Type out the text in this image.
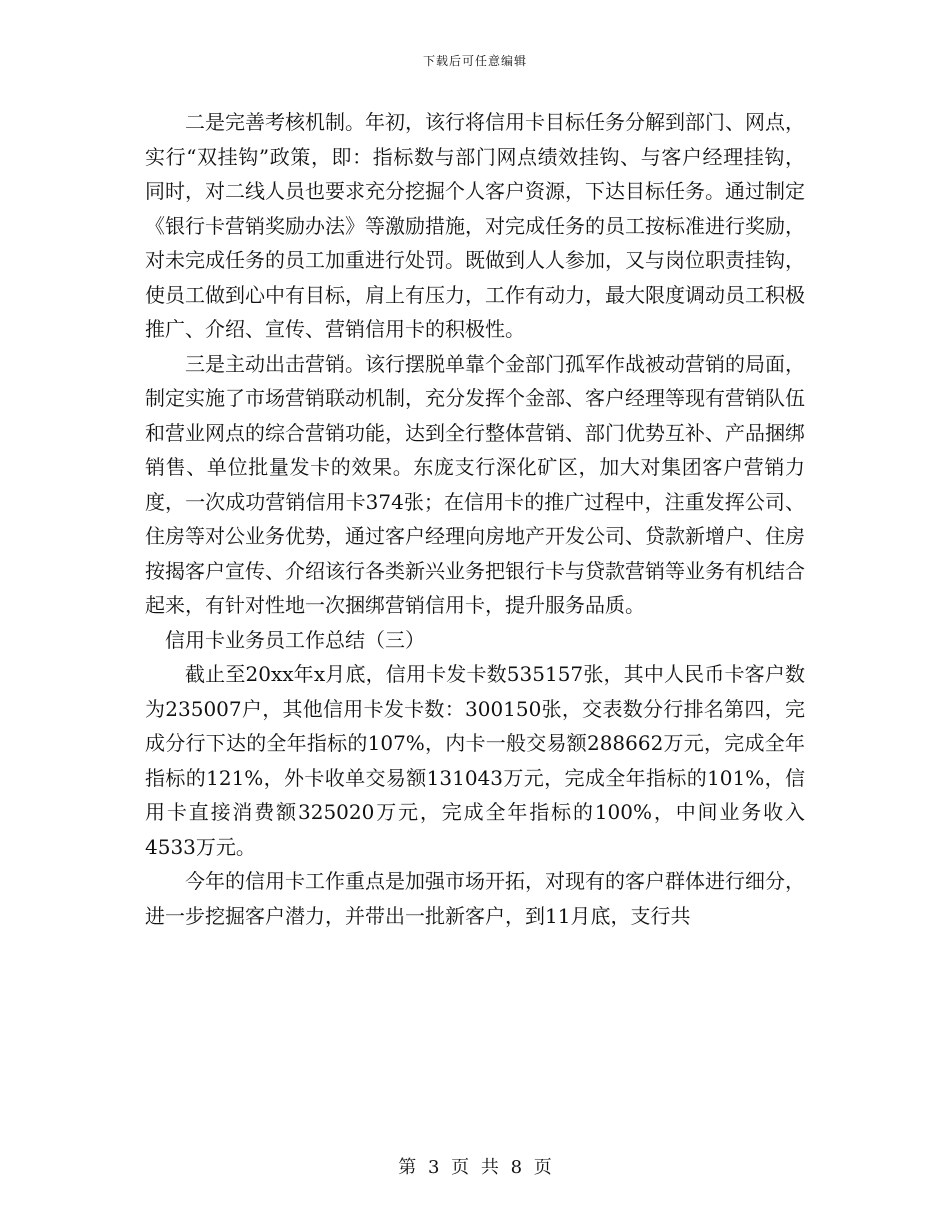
下载后可任意编辑

二是完善考核机制。年初，该行将信用卡目标任务分解到部门、网点，实行“双挂钩”政策，即：指标数与部门网点绩效挂钩、与客户经理挂钩，同时，对二线人员也要求充分挖掘个人客户资源，下达目标任务。通过制定《银行卡营销奖励办法》等激励措施，对完成任务的员工按标准进行奖励，对未完成任务的员工加重进行处罚。既做到人人参加，又与岗位职责挂钩，使员工做到心中有目标，肩上有压力，工作有动力，最大限度调动员工积极推广、介绍、宣传、营销信用卡的积极性。

三是主动出击营销。该行摆脱单靠个金部门孤军作战被动营销的局面，制定实施了市场营销联动机制，充分发挥个金部、客户经理等现有营销队伍和营业网点的综合营销功能，达到全行整体营销、部门优势互补、产品捆绑销售、单位批量发卡的效果。东庞支行深化矿区，加大对集团客户营销力度，一次成功营销信用卡374张；在信用卡的推广过程中，注重发挥公司、住房等对公业务优势，通过客户经理向房地产开发公司、贷款新增户、住房按揭客户宣传、介绍该行各类新兴业务把银行卡与贷款营销等业务有机结合起来，有针对性地一次捆绑营销信用卡，提升服务品质。

信用卡业务员工作总结（三）

截止至20xx年x月底，信用卡发卡数535157张，其中人民币卡客户数为235007户，其他信用卡发卡数：300150张，交表数分行排名第四，完成分行下达的全年指标的107%，内卡一般交易额288662万元，完成全年指标的121%，外卡收单交易额131043万元，完成全年指标的101%，信用卡直接消费额325020万元，完成全年指标的100%，中间业务收入4533万元。

今年的信用卡工作重点是加强市场开拓，对现有的客户群体进行细分，进一步挖掘客户潜力，并带出一批新客户，到11月底，支行共

第 3 页 共 8 页
